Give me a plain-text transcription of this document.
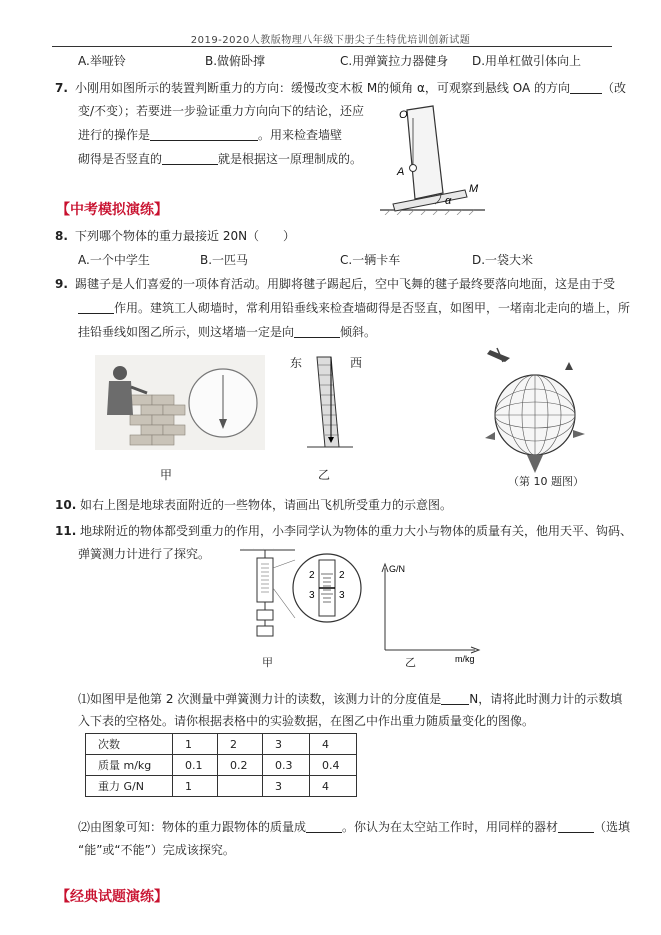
2019-2020人教版物理八年级下册尖子生特优培训创新试题
A.举哑铃	B.做俯卧撑	C.用弹簧拉力器健身 D.用单杠做引体向上
7. 小刚用如图所示的装置判断重力的方向：缓慢改变木板 M的倾角 α，可观察到悬线 OA 的方向	（改
变/不变）；若要进一步验证重力方向向下的结论，还应
进行的操作是	。用来检查墙壁
砌得是否竖直的	就是根据这一原理制成的。
O
A
M
α
【中考模拟演练】
8. 下列哪个物体的重力最接近 20N（　　）
A.一个中学生	B.一匹马	C.一辆卡车	D.一袋大米
9. 踢毽子是人们喜爱的一项体育活动。用脚将毽子踢起后，空中飞舞的毽子最终要落向地面，这是由于受
作用。建筑工人砌墙时，常利用铅垂线来检查墙砌得是否竖直，如图甲，一堵南北走向的墙上，所
挂铅垂线如图乙所示，则这堵墙一定是向	倾斜。
甲
东	西
乙	（第 10 题图）
10. 如右上图是地球表面附近的一些物体，请画出飞机所受重力的示意图。
11. 地球附近的物体都受到重力的作用，小李同学认为物体的重力大小与物体的质量有关，他用天平、钩码、
弹簧测力计进行了探究。
2 2
3 3
甲
G/N
m/kg
乙
⑴如图甲是他第 2 次测量中弹簧测力计的读数，该测力计的分度值是 N，请将此时测力计的示数填
入下表的空格处。请你根据表格中的实验数据，在图乙中作出重力随质量变化的图像。
次数	1	2	3	4
质量 m/kg	0.1	0.2	0.3	0.4
重力 G/N	1		3	4
⑵由图象可知：物体的重力跟物体的质量成	。你认为在太空站工作时，用同样的器材	（选填
“能”或“不能”）完成该探究。
【经典试题演练】
